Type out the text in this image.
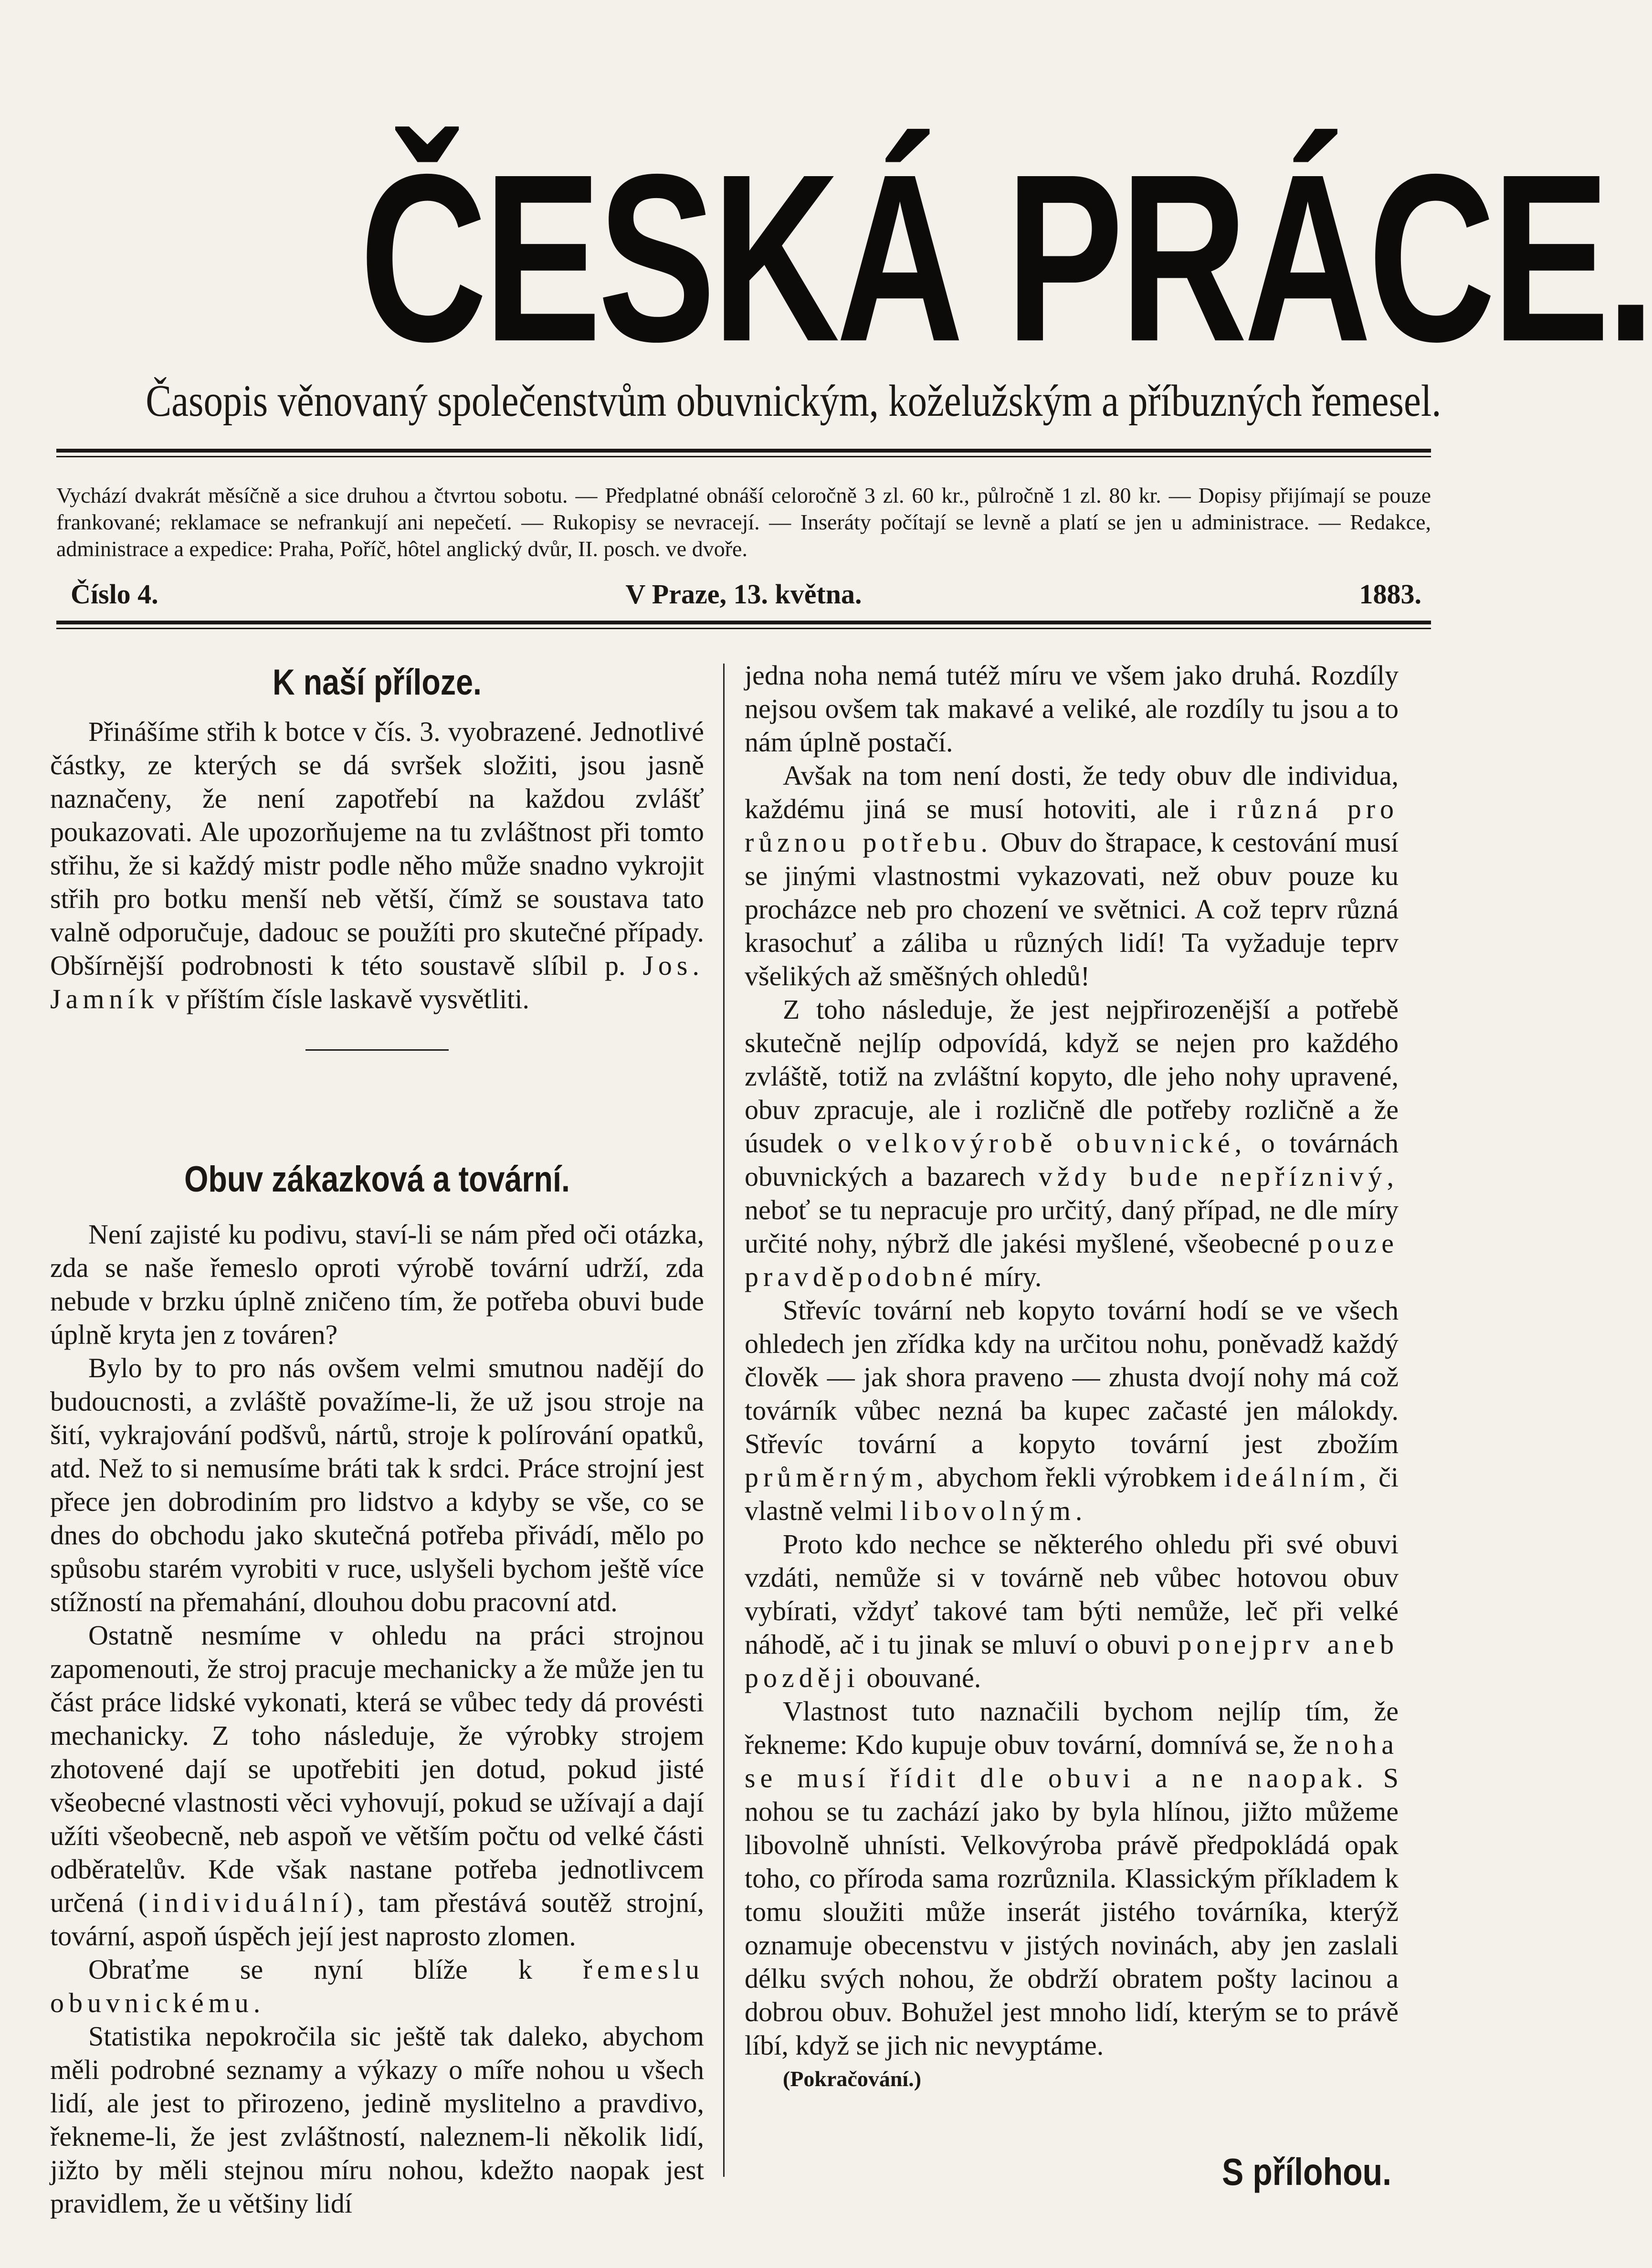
ČESKÁ PRÁCE.
Časopis věnovaný společenstvům obuvnickým, koželužským a příbuzných řemesel.
Vychází dvakrát měsíčně a sice druhou a čtvrtou sobotu. — Předplatné obnáší celoročně 3 zl. 60 kr., půlročně 1 zl. 80 kr. — Dopisy přijímají se pouze frankované; reklamace se nefrankují ani nepečetí. — Rukopisy se nevracejí. — Inseráty počítají se levně a platí se jen u administrace. — Redakce, administrace a expedice: Praha, Poříč, hôtel anglický dvůr, II. posch. ve dvoře.
Číslo 4.	V Praze, 13. května.	1883.
K naší příloze.

Přinášíme střih k botce v čís. 3. vyobrazené. Jednotlivé částky, ze kterých se dá svršek složiti, jsou jasně naznačeny, že není zapotřebí na každou zvlášť poukazovati. Ale upozorňujeme na tu zvláštnost při tomto střihu, že si každý mistr podle něho může snadno vykrojit střih pro botku menší neb větší, čímž se soustava tato valně odporučuje, dadouc se použíti pro skutečné případy. Obšírnější podrobnosti k této soustavě slíbil p. Jos. Jamník v příštím čísle laskavě vysvětliti.

Obuv zákazková a tovární.

Není zajisté ku podivu, staví-li se nám před oči otázka, zda se naše řemeslo oproti výrobě tovární udrží, zda nebude v brzku úplně zničeno tím, že potřeba obuvi bude úplně kryta jen z továren?

Bylo by to pro nás ovšem velmi smutnou nadějí do budoucnosti, a zvláště považíme-li, že už jsou stroje na šití, vykrajování podšvů, nártů, stroje k polírování opatků, atd. Než to si nemusíme bráti tak k srdci. Práce strojní jest přece jen dobrodiním pro lidstvo a kdyby se vše, co se dnes do obchodu jako skutečná potřeba přivádí, mělo po spůsobu starém vyrobiti v ruce, uslyšeli bychom ještě více stížností na přemahání, dlouhou dobu pracovní atd.

Ostatně nesmíme v ohledu na práci strojnou zapomenouti, že stroj pracuje mechanicky a že může jen tu část práce lidské vykonati, která se vůbec tedy dá provésti mechanicky. Z toho následuje, že výrobky strojem zhotovené dají se upotřebiti jen dotud, pokud jisté všeobecné vlastnosti věci vyhovují, pokud se užívají a dají užíti všeobecně, neb aspoň ve větším počtu od velké části odběratelův. Kde však nastane potřeba jednotlivcem určená (individuální), tam přestává soutěž strojní, tovární, aspoň úspěch její jest naprosto zlomen.

Obraťme se nyní blíže k řemeslu obuvnickému.

Statistika nepokročila sic ještě tak daleko, abychom měli podrobné seznamy a výkazy o míře nohou u všech lidí, ale jest to přirozeno, jedině myslitelno a pravdivo, řekneme-li, že jest zvláštností, naleznem-li několik lidí, jižto by měli stejnou míru nohou, kdežto naopak jest pravidlem, že u většiny lidí

jedna noha nemá tutéž míru ve všem jako druhá. Rozdíly nejsou ovšem tak makavé a veliké, ale rozdíly tu jsou a to nám úplně postačí.

Avšak na tom není dosti, že tedy obuv dle individua, každému jiná se musí hotoviti, ale i různá pro různou potřebu. Obuv do štrapace, k cestování musí se jinými vlastnostmi vykazovati, než obuv pouze ku procházce neb pro chození ve světnici. A což teprv různá krasochuť a záliba u různých lidí! Ta vyžaduje teprv všelikých až směšných ohledů!

Z toho následuje, že jest nejpřirozenější a potřebě skutečně nejlíp odpovídá, když se nejen pro každého zvláště, totiž na zvláštní kopyto, dle jeho nohy upravené, obuv zpracuje, ale i rozličně dle potřeby rozličně a že úsudek o velkovýrobě obuvnické, o továrnách obuvnických a bazarech vždy bude nepříznivý, neboť se tu nepracuje pro určitý, daný případ, ne dle míry určité nohy, nýbrž dle jakési myšlené, všeobecné pouze pravděpodobné míry.

Střevíc tovární neb kopyto tovární hodí se ve všech ohledech jen zřídka kdy na určitou nohu, poněvadž každý člověk — jak shora praveno — zhusta dvojí nohy má což továrník vůbec nezná ba kupec začasté jen málokdy. Střevíc tovární a kopyto tovární jest zbožím průměrným, abychom řekli výrobkem ideálním, či vlastně velmi libovolným.

Proto kdo nechce se některého ohledu při své obuvi vzdáti, nemůže si v továrně neb vůbec hotovou obuv vybírati, vždyť takové tam býti nemůže, leč při velké náhodě, ač i tu jinak se mluví o obuvi ponejprv aneb později obouvané.

Vlastnost tuto naznačili bychom nejlíp tím, že řekneme: Kdo kupuje obuv tovární, domnívá se, že noha se musí řídit dle obuvi a ne naopak. S nohou se tu zachází jako by byla hlínou, jižto můžeme libovolně uhnísti. Velkovýroba právě předpokládá opak toho, co příroda sama rozrůznila. Klassickým příkladem k tomu sloužiti může inserát jistého továrníka, kterýž oznamuje obecenstvu v jistých novinách, aby jen zaslali délku svých nohou, že obdrží obratem pošty lacinou a dobrou obuv. Bohužel jest mnoho lidí, kterým se to právě líbí, když se jich nic nevyptáme.

(Pokračování.)

S přílohou.
